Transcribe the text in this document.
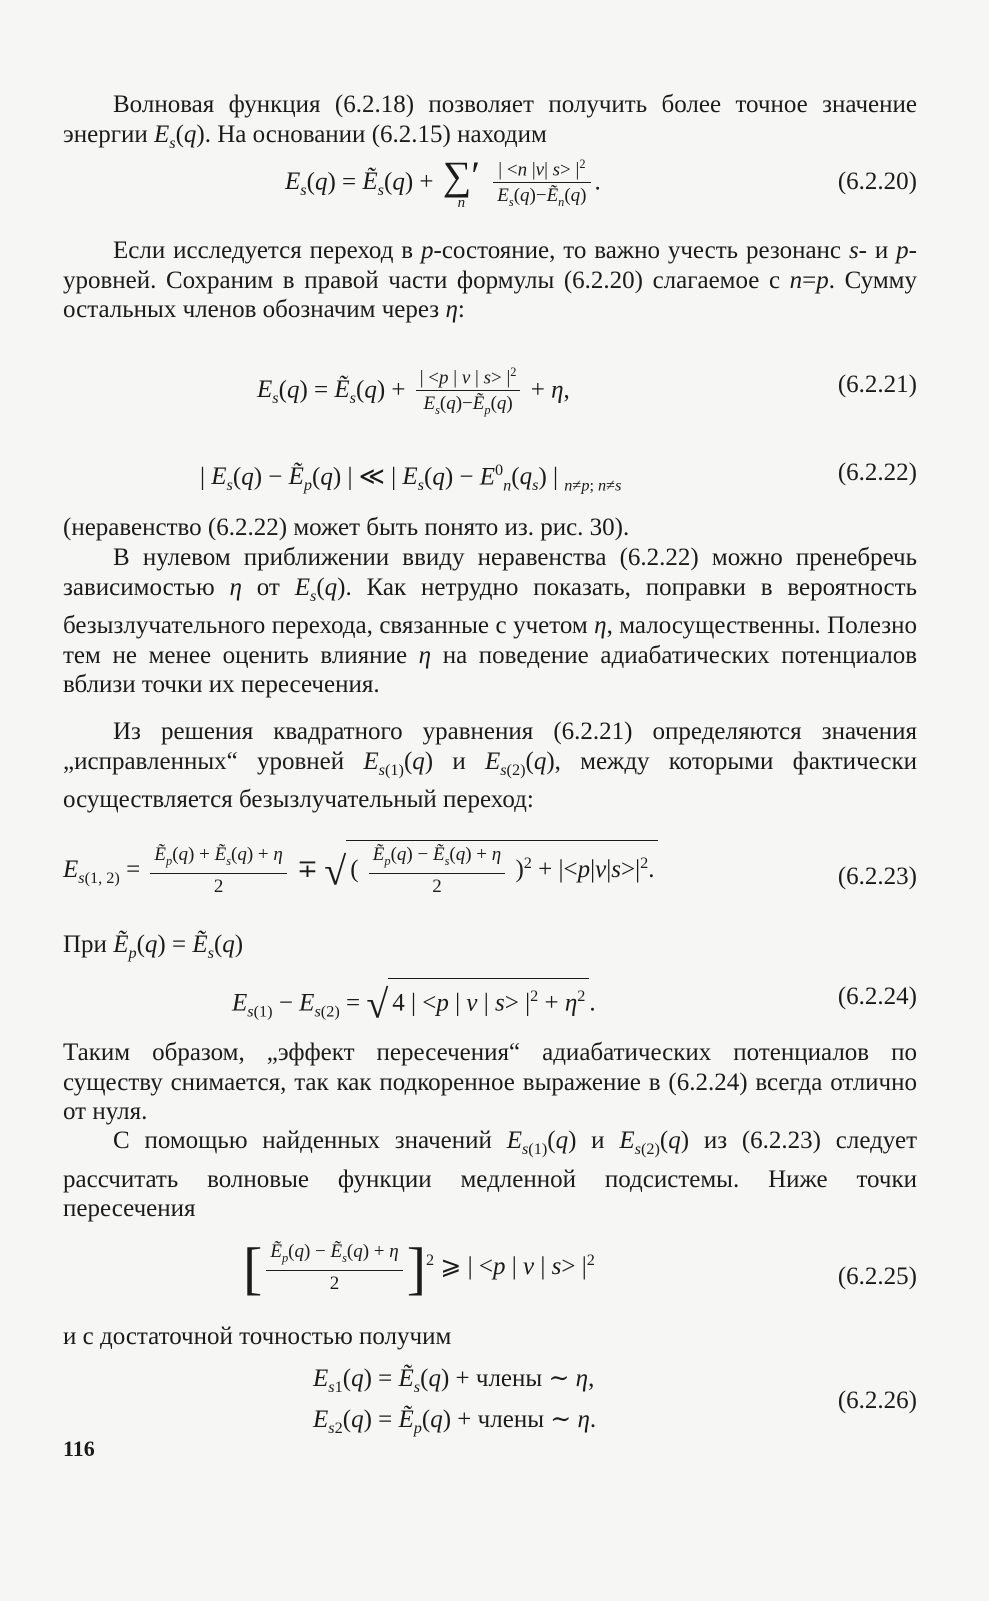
Волновая функция (6.2.18) позволяет получить более точное значение энергии $E_s(q)$. На основании (6.2.15) находим
$E_s(q)$ = Ẽ$_s$(q) + ∑′
n
	$\frac{| <n |v| s> |^2}{E_s(q)-Ẽ_n(q)}$ .	(6.2.20)
Если исследуется переход в p-состояние, то важно учесть резонанс s- и p-уровней. Сохраним в правой части формулы (6.2.20) слагаемое с n=p. Сумму остальных членов обозначим через η:
$E_s(q)$ = Ẽ$_s$(q) + $\frac{| <p | v | s> |^2}{E_s(q)-Ẽ_p(q)} + \eta$,	(6.2.21)
| $E_s(q)$ − Ẽ$_p$(q) | ≪ | $E_s(q) - E^0_n(q_s)$ | $_{n\ne p; n\ne s}$	(6.2.22)
(неравенство (6.2.22) может быть понято из. рис. 30).
В нулевом приближении ввиду неравенства (6.2.22) можно пренебречь зависимостью η от $E_s(q)$. Как нетрудно показать, поправки в вероятность безызлучательного перехода, связанные с учетом η, малосущественны. Полезно тем не менее оценить влияние η на поведение адиабатических потенциалов вблизи точки их пересечения.
Из решения квадратного уравнения (6.2.21) определяются значения „исправленных“ уровней $E_{s(1)}(q)$ и $E_{s(2)}(q)$, между которыми фактически осуществляется безызлучательный переход:
$E_{s(1, 2)} = \frac{Ẽ_p(q) + Ẽ_s(q) + \eta}{2}$ ∓ √ ( $\frac{Ẽ_p(q) - Ẽ_s(q) + \eta}{2} )^2 + |<p|v|s>|^2$.	(6.2.23)
При Ẽ$_p$(q) = Ẽ$_s$(q)
$E_{s(1)} - E_{s(2)}$ = √ 4 | <p | v | $s> |^2 + \eta^2$ .	(6.2.24)
Таким образом, „эффект пересечения“ адиабатических потенциалов по существу снимается, так как подкоренное выражение в (6.2.24) всегда отлично от нуля.
С помощью найденных значений $E_{s(1)}(q)$ и $E_{s(2)}(q)$ из (6.2.23) следует рассчитать волновые функции медленной подсистемы. Ниже точки пересечения
[ $\frac{Ẽ_p(q) - Ẽ_s(q) + \eta}{2} ]^2$ ⩾ | <p | v | $s> |^2$
(6.2.25)
и с достаточной точностью получим
$E_{s1}(q)$ = Ẽ$_s$(q) + члены ∼ η,
$E_{s2}(q)$ = Ẽ$_p$(q) + члены ∼ η.
(6.2.26)
116
